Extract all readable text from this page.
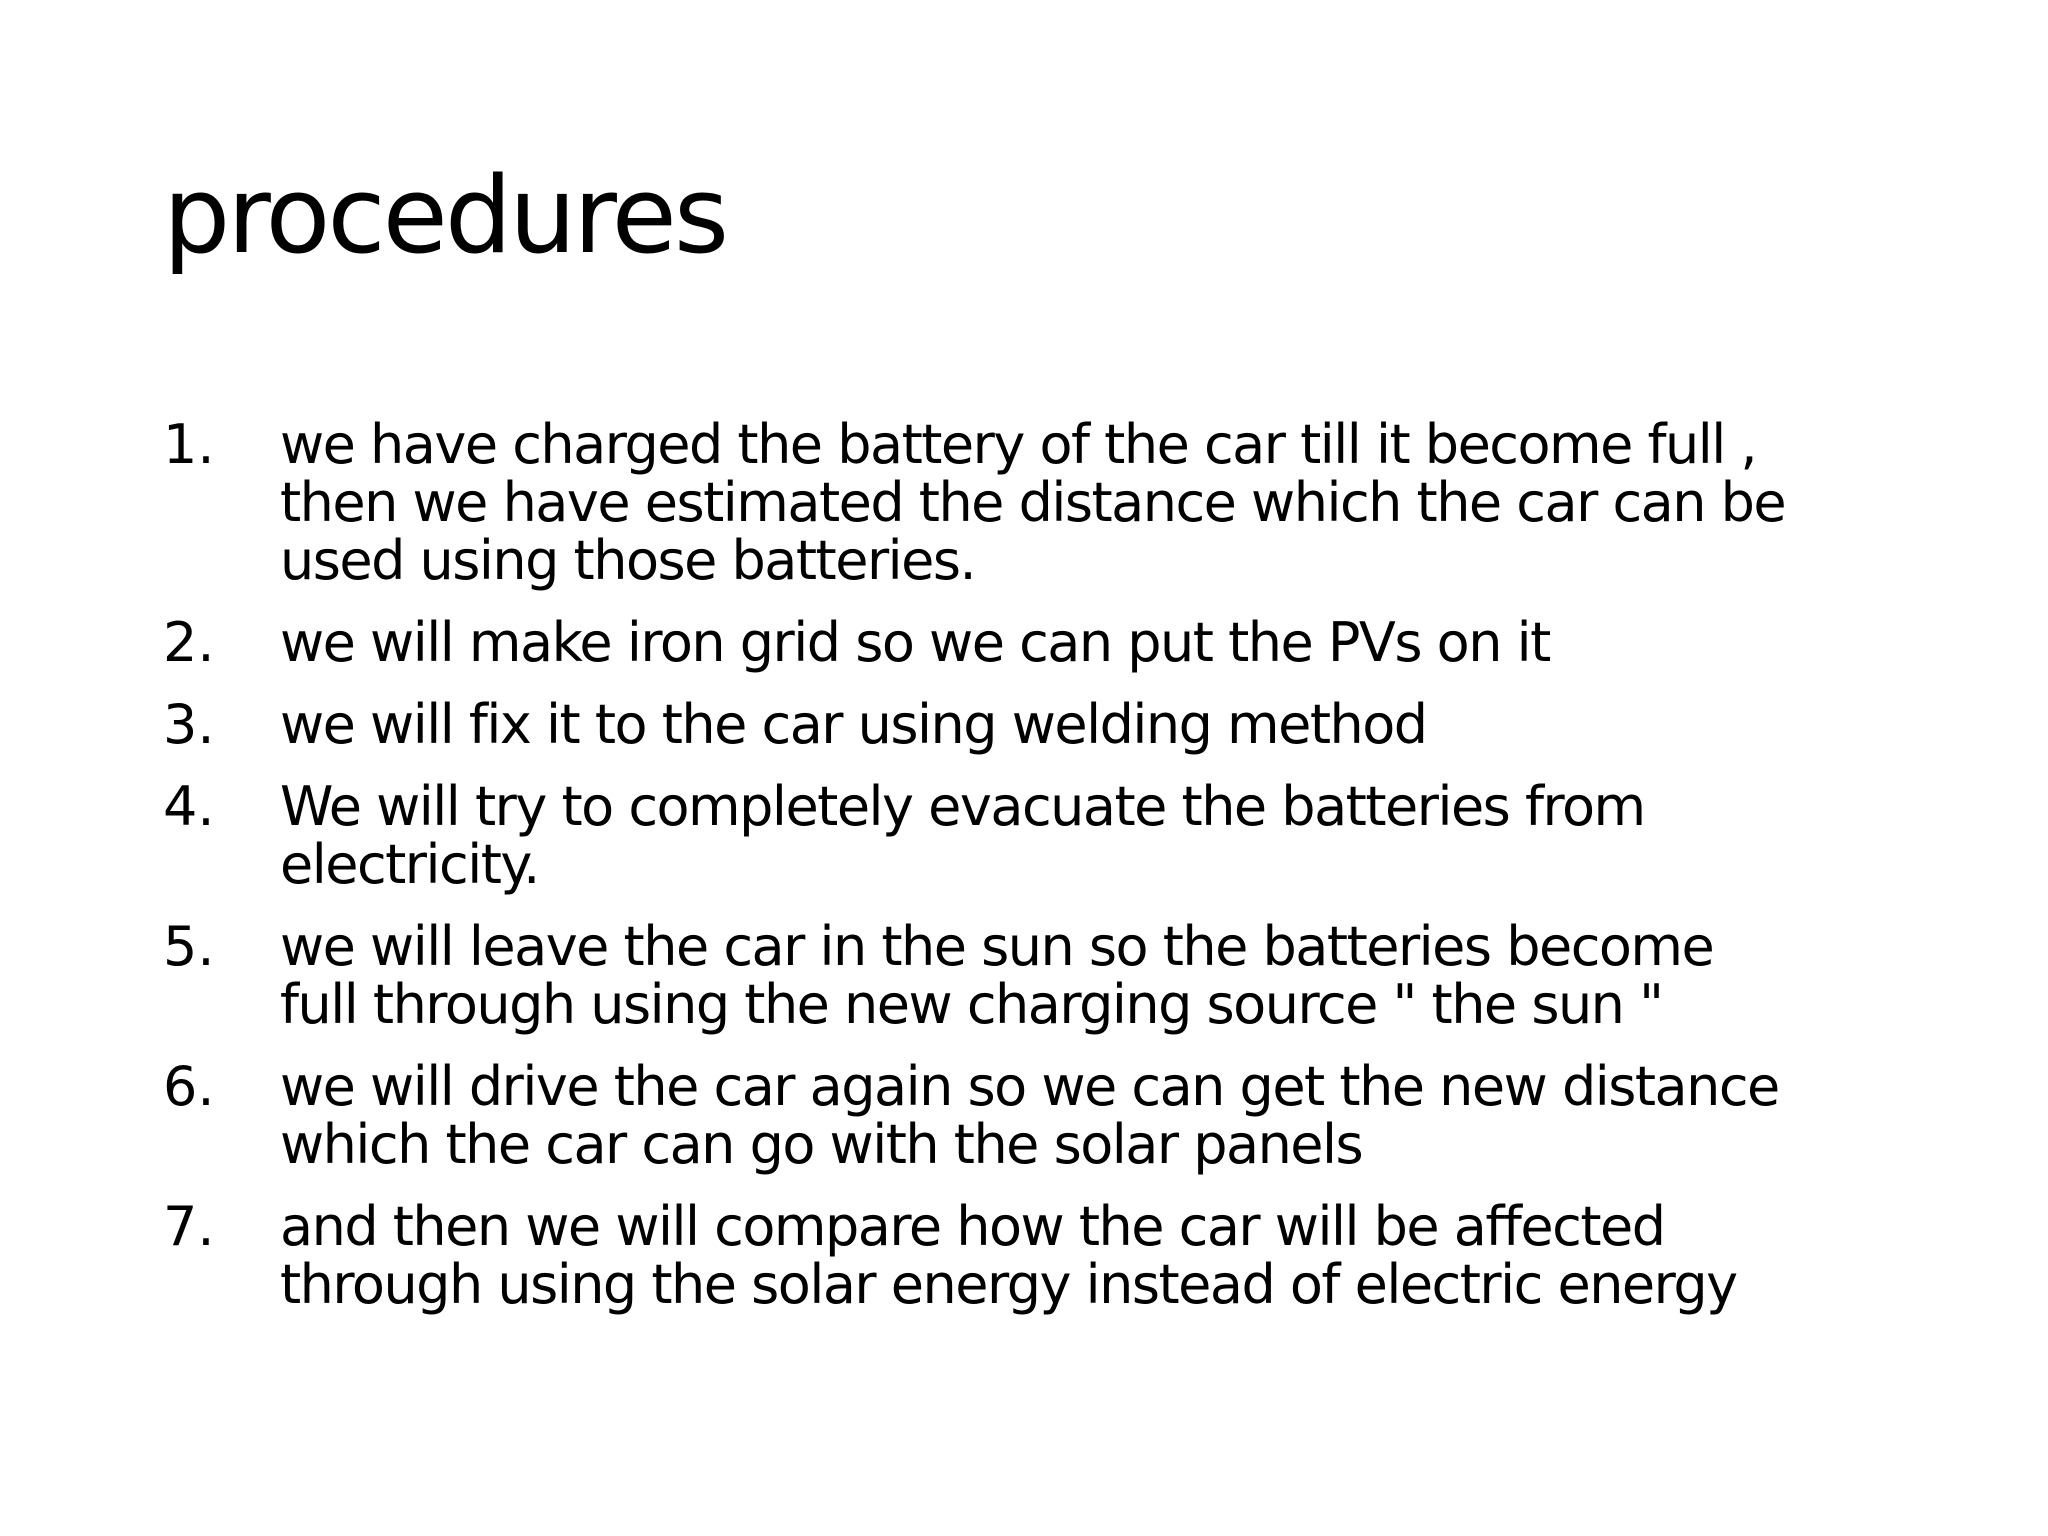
procedures
1.	we have charged the battery of the car till it become full ,
then we have estimated the distance which the car can be
used using those batteries.
2.	we will make iron grid so we can put the PVs on it
3.	we will fix it to the car using welding method
4.	We will try to completely evacuate the batteries from
electricity.
5.	we will leave the car in the sun so the batteries become
full through using the new charging source " the sun "
6.	we will drive the car again so we can get the new distance
which the car can go with the solar panels
7.	and then we will compare how the car will be affected
through using the solar energy instead of electric energy
